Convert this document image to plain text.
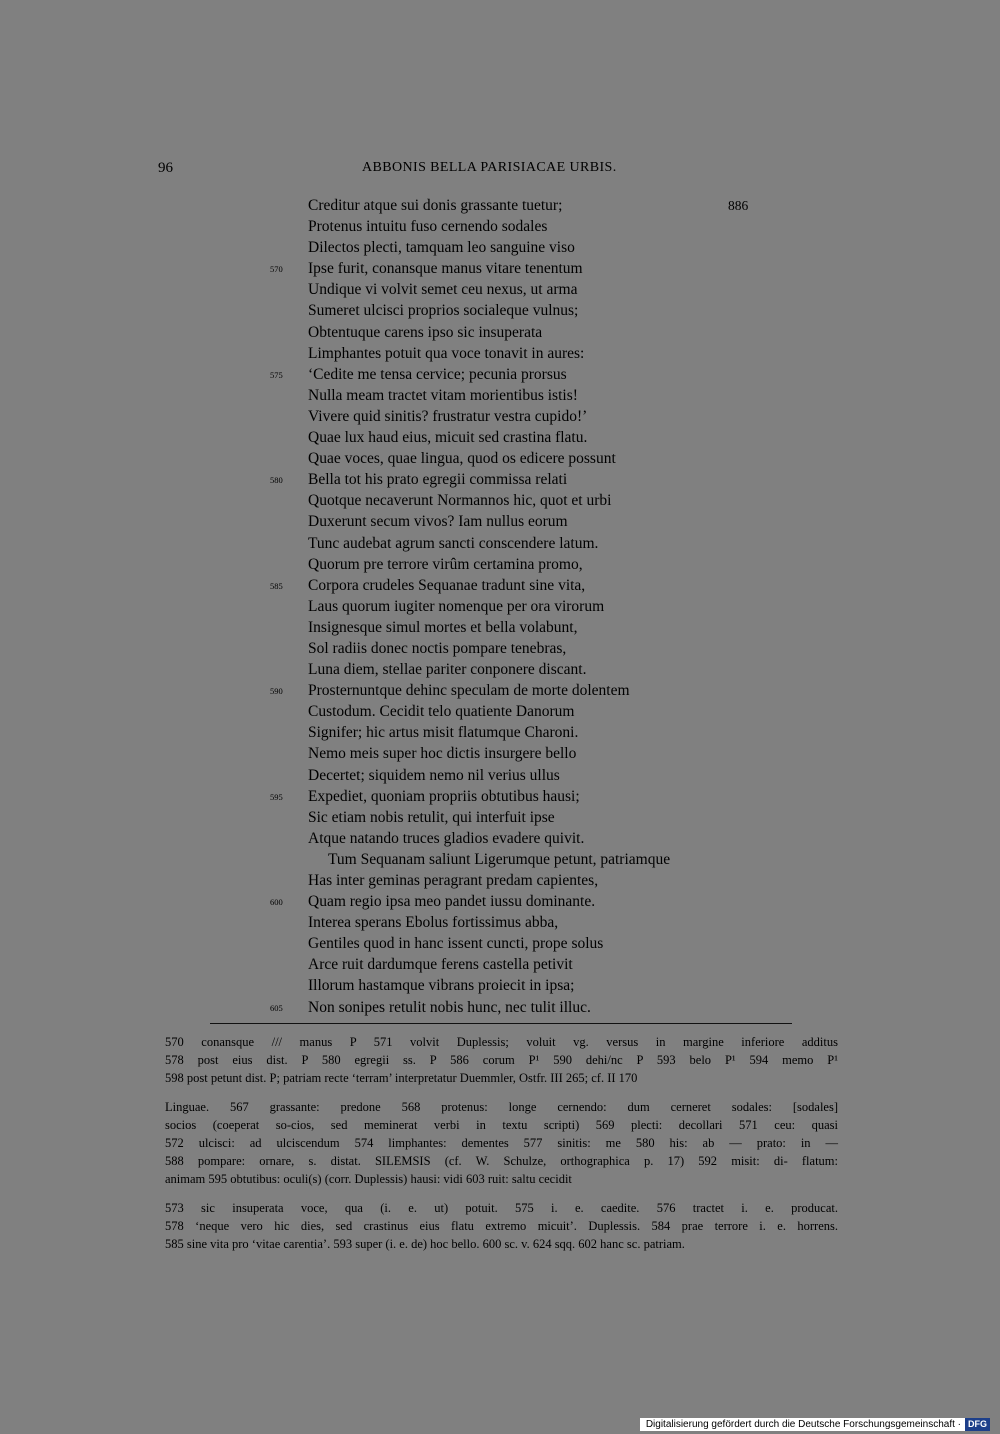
96	ABBONIS BELLA PARISIACAE URBIS.
Creditur atque sui donis grassante tuetur;	886
Protenus intuitu fuso cernendo sodales
Dilectos plecti, tamquam leo sanguine viso
570	Ipse furit, conansque manus vitare tenentum
Undique vi volvit semet ceu nexus, ut arma
Sumeret ulcisci proprios socialeque vulnus;
Obtentuque carens ipso sic insuperata
Limphantes potuit qua voce tonavit in aures:
575	‘Cedite me tensa cervice; pecunia prorsus
Nulla meam tractet vitam morientibus istis!
Vivere quid sinitis? frustratur vestra cupido!’
Quae lux haud eius, micuit sed crastina flatu.
Quae voces, quae lingua, quod os edicere possunt
580	Bella tot his prato egregii commissa relati
Quotque necaverunt Normannos hic, quot et urbi
Duxerunt secum vivos? Iam nullus eorum
Tunc audebat agrum sancti conscendere latum.
Quorum pre terrore virûm certamina promo,
585	Corpora crudeles Sequanae tradunt sine vita,
Laus quorum iugiter nomenque per ora virorum
Insignesque simul mortes et bella volabunt,
Sol radiis donec noctis pompare tenebras,
Luna diem, stellae pariter conponere discant.
590	Prosternuntque dehinc speculam de morte dolentem
Custodum. Cecidit telo quatiente Danorum
Signifer; hic artus misit flatumque Charoni.
Nemo meis super hoc dictis insurgere bello
Decertet; siquidem nemo nil verius ullus
595	Expediet, quoniam propriis obtutibus hausi;
Sic etiam nobis retulit, qui interfuit ipse
Atque natando truces gladios evadere quivit.
Tum Sequanam saliunt Ligerumque petunt, patriamque
Has inter geminas peragrant predam capientes,
600	Quam regio ipsa meo pandet iussu dominante.
Interea sperans Ebolus fortissimus abba,
Gentiles quod in hanc issent cuncti, prope solus
Arce ruit dardumque ferens castella petivit
Illorum hastamque vibrans proiecit in ipsa;
605	Non sonipes retulit nobis hunc, nec tulit illuc.
570 conansque /// manus P 571 volvit Duplessis; voluit vg. versus in margine inferiore additus
578 post eius dist. P 580 egregii ss. P 586 corum P¹ 590 dehi/nc P 593 belo P¹ 594 memo P¹
598 post petunt dist. P; patriam recte ‘terram’ interpretatur Duemmler, Ostfr. III 265; cf. II 170
Linguae. 567 grassante: predone 568 protenus: longe cernendo: dum cerneret sodales: [sodales]
socios (coeperat so-cios, sed meminerat verbi in textu scripti) 569 plecti: decollari 571 ceu: quasi
572 ulcisci: ad ulciscendum 574 limphantes: dementes 577 sinitis: me 580 his: ab — prato: in —
588 pompare: ornare, s. distat. SILEMSIS (cf. W. Schulze, orthographica p. 17) 592 misit: di- flatum:
animam 595 obtutibus: oculi(s) (corr. Duplessis) hausi: vidi 603 ruit: saltu cecidit
573 sic insuperata voce, qua (i. e. ut) potuit. 575 i. e. caedite. 576 tractet i. e. producat.
578 ‘neque vero hic dies, sed crastinus eius flatu extremo micuit’. Duplessis. 584 prae terrore i. e. horrens.
585 sine vita pro ‘vitae carentia’. 593 super (i. e. de) hoc bello. 600 sc. v. 624 sqq. 602 hanc sc. patriam.
Digitalisierung gefördert durch die Deutsche Forschungsgemeinschaft · DFG
